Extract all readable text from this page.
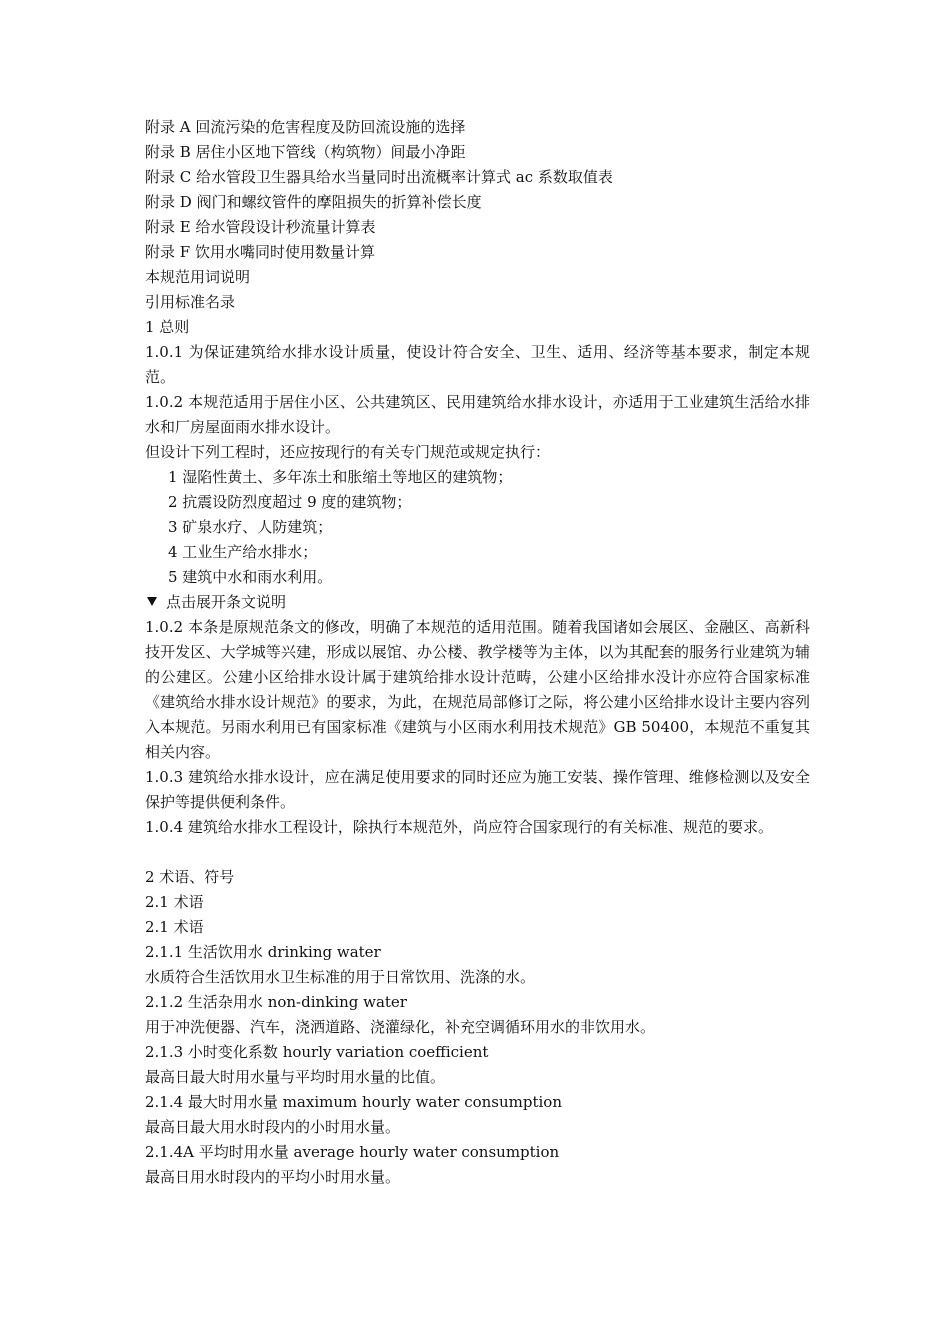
附录 A 回流污染的危害程度及防回流设施的选择
附录 B 居住小区地下管线（构筑物）间最小净距
附录 C 给水管段卫生器具给水当量同时出流概率计算式 ac 系数取值表
附录 D 阀门和螺纹管件的摩阻损失的折算补偿长度
附录 E 给水管段设计秒流量计算表
附录 F 饮用水嘴同时使用数量计算
本规范用词说明
引用标准名录
1 总则
1.0.1 为保证建筑给水排水设计质量，使设计符合安全、卫生、适用、经济等基本要求，制定本规范。
1.0.2 本规范适用于居住小区、公共建筑区、民用建筑给水排水设计，亦适用于工业建筑生活给水排水和厂房屋面雨水排水设计。
但设计下列工程时，还应按现行的有关专门规范或规定执行：
1 湿陷性黄土、多年冻土和胀缩土等地区的建筑物；
2 抗震设防烈度超过 9 度的建筑物；
3 矿泉水疗、人防建筑；
4 工业生产给水排水；
5 建筑中水和雨水利用。
点击展开条文说明
1.0.2 本条是原规范条文的修改，明确了本规范的适用范围。随着我国诸如会展区、金融区、高新科技开发区、大学城等兴建，形成以展馆、办公楼、教学楼等为主体，以为其配套的服务行业建筑为辅的公建区。公建小区给排水设计属于建筑给排水设计范畴，公建小区给排水没计亦应符合国家标准《建筑给水排水设计规范》的要求，为此，在规范局部修订之际，将公建小区给排水设计主要内容列入本规范。另雨水利用已有国家标准《建筑与小区雨水利用技术规范》GB 50400，本规范不重复其相关内容。
1.0.3 建筑给水排水设计，应在满足使用要求的同时还应为施工安装、操作管理、维修检测以及安全保护等提供便利条件。
1.0.4 建筑给水排水工程设计，除执行本规范外，尚应符合国家现行的有关标准、规范的要求。
2 术语、符号
2.1 术语
2.1 术语
2.1.1 生活饮用水 drinking water
水质符合生活饮用水卫生标准的用于日常饮用、洗涤的水。
2.1.2 生活杂用水 non-dinking water
用于冲洗便器、汽车，浇洒道路、浇灌绿化，补充空调循环用水的非饮用水。
2.1.3 小时变化系数 hourly variation coefficient
最高日最大时用水量与平均时用水量的比值。
2.1.4 最大时用水量 maximum hourly water consumption
最高日最大用水时段内的小时用水量。
2.1.4A 平均时用水量 average hourly water consumption
最高日用水时段内的平均小时用水量。
